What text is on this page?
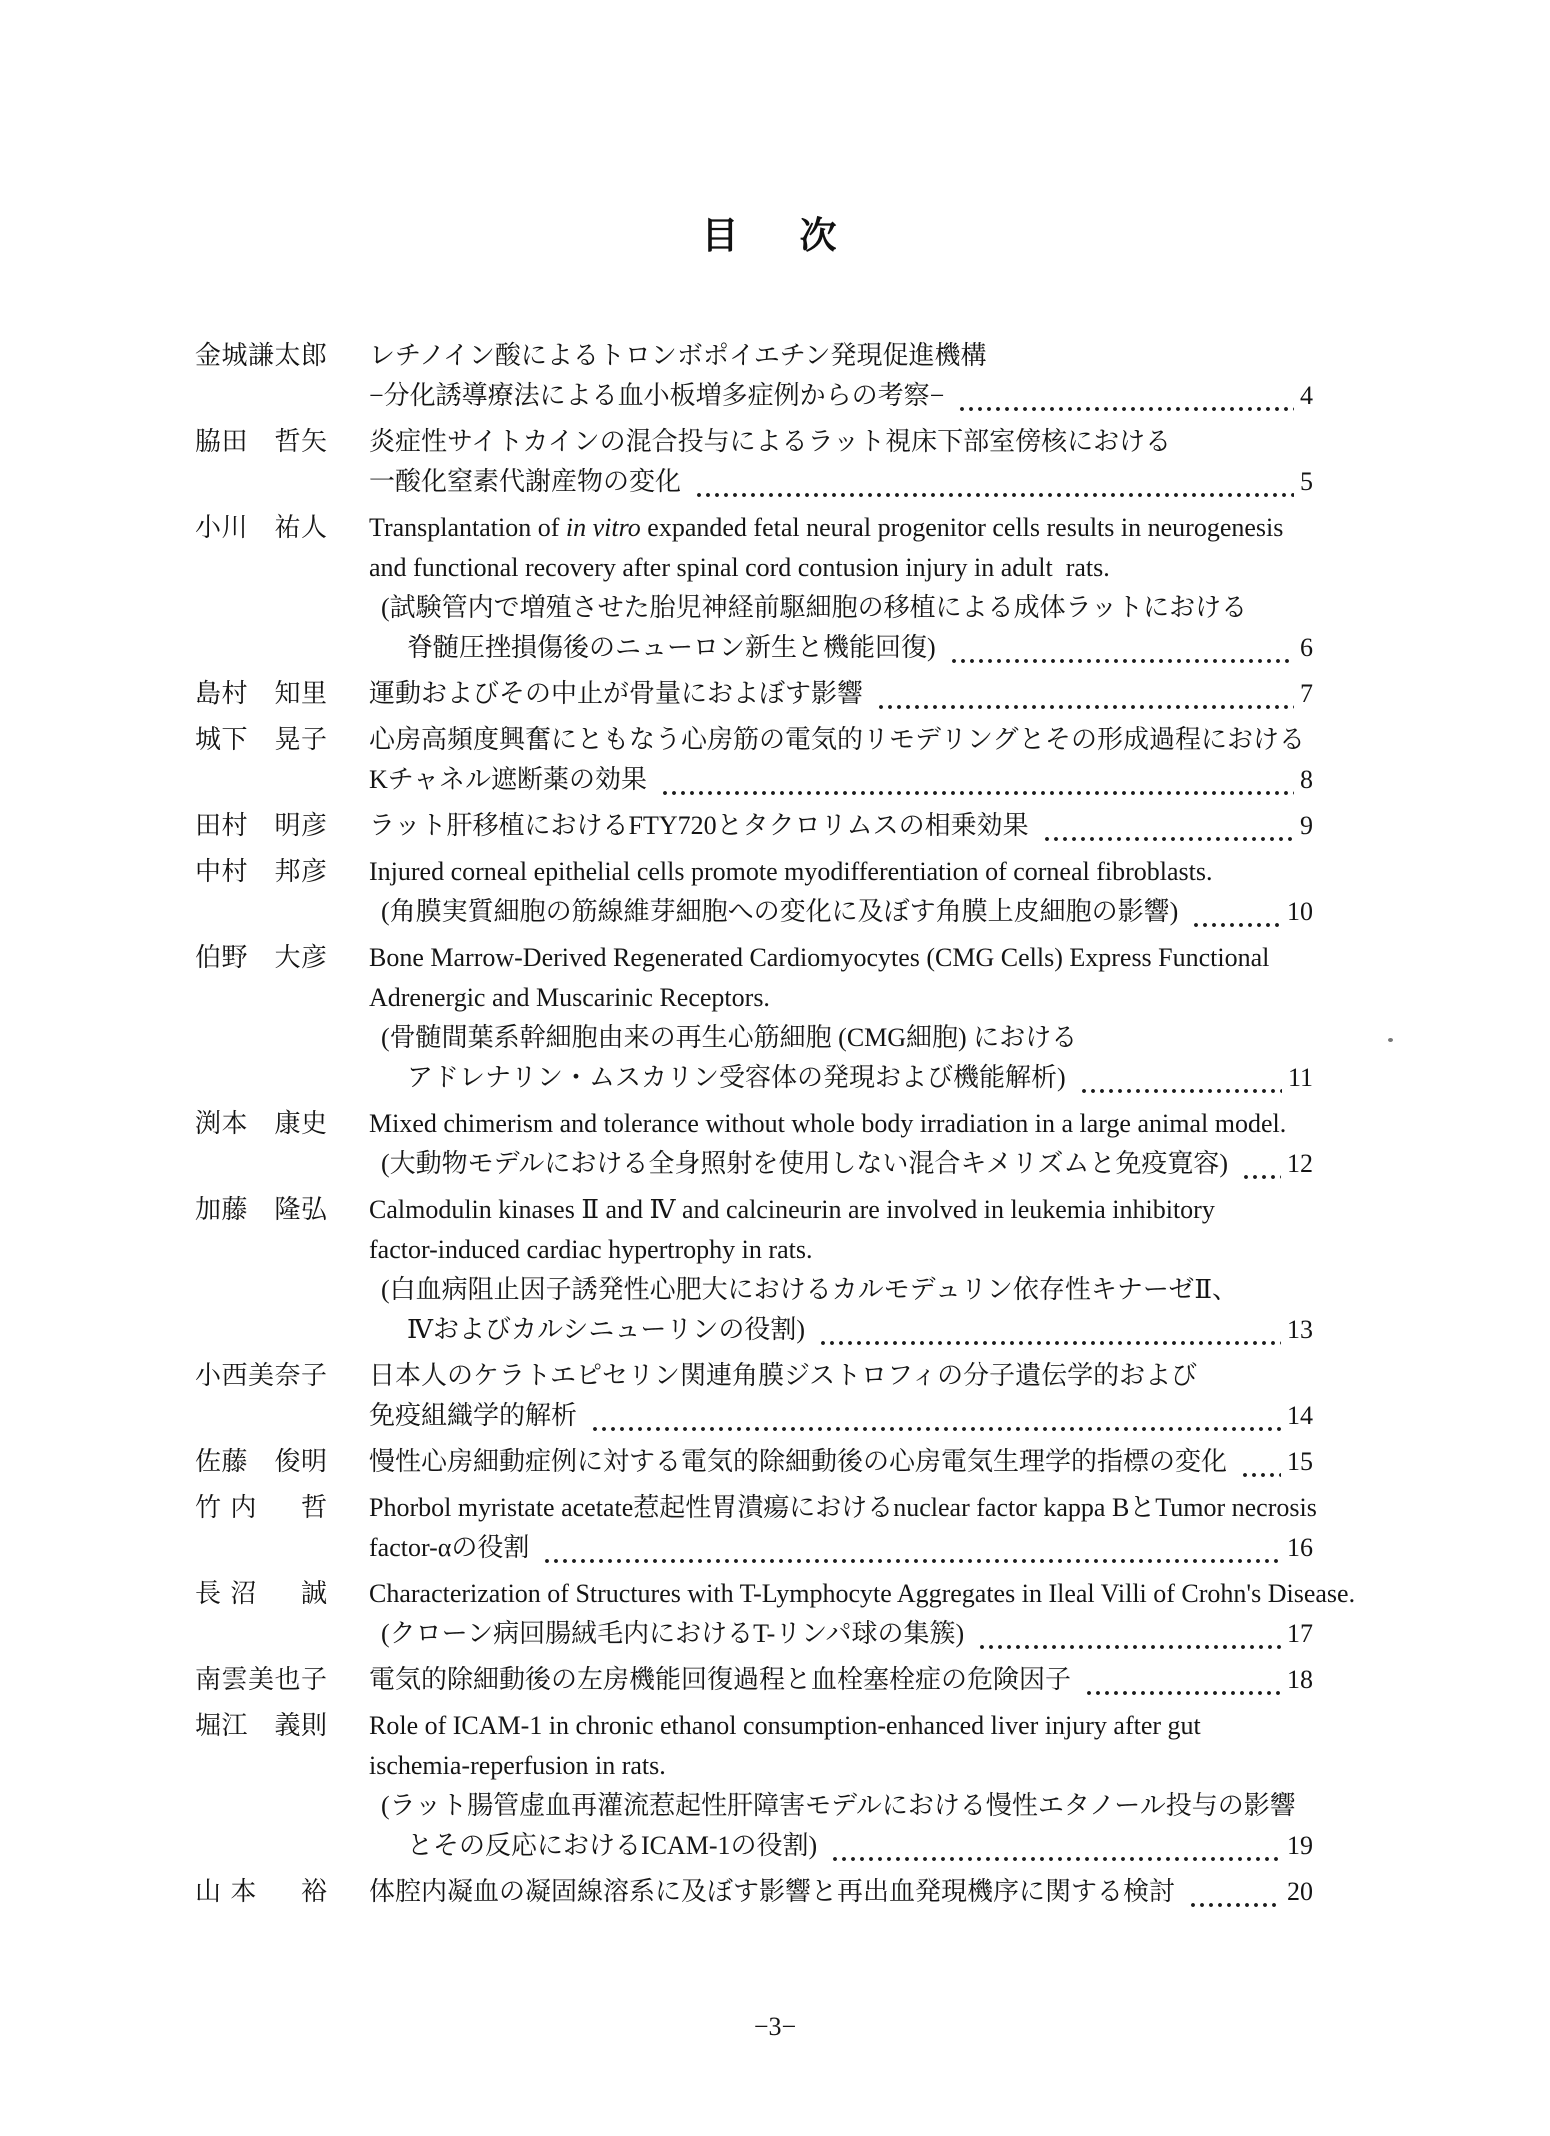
目　次
金城謙太郎 レチノイン酸によるトロンボポイエチン発現促進機構
−分化誘導療法による血小板増多症例からの考察−	4
脇田　哲矢 炎症性サイトカインの混合投与によるラット視床下部室傍核における
一酸化窒素代謝産物の変化	5
小川　祐人 Transplantation of in vitro expanded fetal neural progenitor cells results in neurogenesis
and functional recovery after spinal cord contusion injury in adult  rats.
(試験管内で増殖させた胎児神経前駆細胞の移植による成体ラットにおける
脊髄圧挫損傷後のニューロン新生と機能回復)	6
島村　知里 運動およびその中止が骨量におよぼす影響	7
城下　晃子 心房高頻度興奮にともなう心房筋の電気的リモデリングとその形成過程における
Kチャネル遮断薬の効果	8
田村　明彦 ラット肝移植におけるFTY720とタクロリムスの相乗効果	9
中村　邦彦 Injured corneal epithelial cells promote myodifferentiation of corneal fibroblasts.
(角膜実質細胞の筋線維芽細胞への変化に及ぼす角膜上皮細胞の影響)	10
伯野　大彦 Bone Marrow-Derived Regenerated Cardiomyocytes (CMG Cells) Express Functional
Adrenergic and Muscarinic Receptors.
(骨髄間葉系幹細胞由来の再生心筋細胞 (CMG細胞) における
アドレナリン・ムスカリン受容体の発現および機能解析)	11
渕本　康史 Mixed chimerism and tolerance without whole body irradiation in a large animal model.
(大動物モデルにおける全身照射を使用しない混合キメリズムと免疫寛容) 12
加藤　隆弘 Calmodulin kinases Ⅱ and Ⅳ and calcineurin are involved in leukemia inhibitory
factor-induced cardiac hypertrophy in rats.
(白血病阻止因子誘発性心肥大におけるカルモデュリン依存性キナーゼⅡ、
Ⅳおよびカルシニューリンの役割)	13
小西美奈子 日本人のケラトエピセリン関連角膜ジストロフィの分子遺伝学的および
免疫組織学的解析	14
佐藤　俊明 慢性心房細動症例に対する電気的除細動後の心房電気生理学的指標の変化 15
竹内　哲 Phorbol myristate acetate惹起性胃潰瘍におけるnuclear factor kappa BとTumor necrosis
factor-αの役割	16
長沼　誠 Characterization of Structures with T-Lymphocyte Aggregates in Ileal Villi of Crohn's Disease.
(クローン病回腸絨毛内におけるT-リンパ球の集簇)	17
南雲美也子 電気的除細動後の左房機能回復過程と血栓塞栓症の危険因子	18
堀江　義則 Role of ICAM-1 in chronic ethanol consumption-enhanced liver injury after gut
ischemia-reperfusion in rats.
(ラット腸管虚血再灌流惹起性肝障害モデルにおける慢性エタノール投与の影響
とその反応におけるICAM-1の役割)	19
山本　裕 体腔内凝血の凝固線溶系に及ぼす影響と再出血発現機序に関する検討	20
−3−
